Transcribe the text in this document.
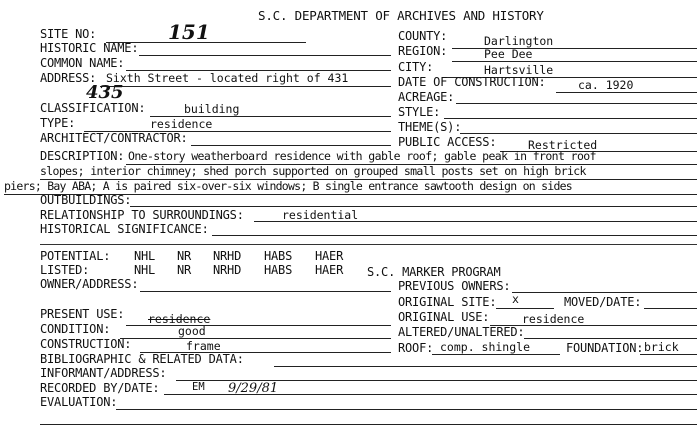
S.C. DEPARTMENT OF ARCHIVES AND HISTORY
SITE NO:	151
HISTORIC NAME:
COMMON NAME:
ADDRESS: Sixth Street - located right of 431
435
CLASSIFICATION:	building
TYPE:	residence
ARCHITECT/CONTRACTOR:
COUNTY:	Darlington
REGION:	Pee Dee
CITY:	Hartsville
DATE OF CONSTRUCTION:	ca. 1920
ACREAGE:
STYLE:
THEME(S):
PUBLIC ACCESS:	Restricted
DESCRIPTION: One-story weatherboard residence with gable roof; gable peak in front roof
slopes; interior chimney; shed porch supported on grouped small posts set on high brick
piers; Bay ABA; A is paired six-over-six windows; B single entrance sawtooth design on sides
OUTBUILDINGS:
RELATIONSHIP TO SURROUNDINGS:	residential
HISTORICAL SIGNIFICANCE:
POTENTIAL: NHL NR NRHD HABS HAER
LISTED:	NHL NR NRHD HABS HAER S.C. MARKER PROGRAM
OWNER/ADDRESS:	PREVIOUS OWNERS:
ORIGINAL SITE: x	MOVED/DATE:
ORIGINAL USE:	residence
ALTERED/UNALTERED:
ROOF: comp. shingle	FOUNDATION: brick
PRESENT USE: residence
CONDITION:	good
CONSTRUCTION:	frame
BIBLIOGRAPHIC & RELATED DATA:
INFORMANT/ADDRESS:
RECORDED BY/DATE:	EM 9/29/81
EVALUATION:
